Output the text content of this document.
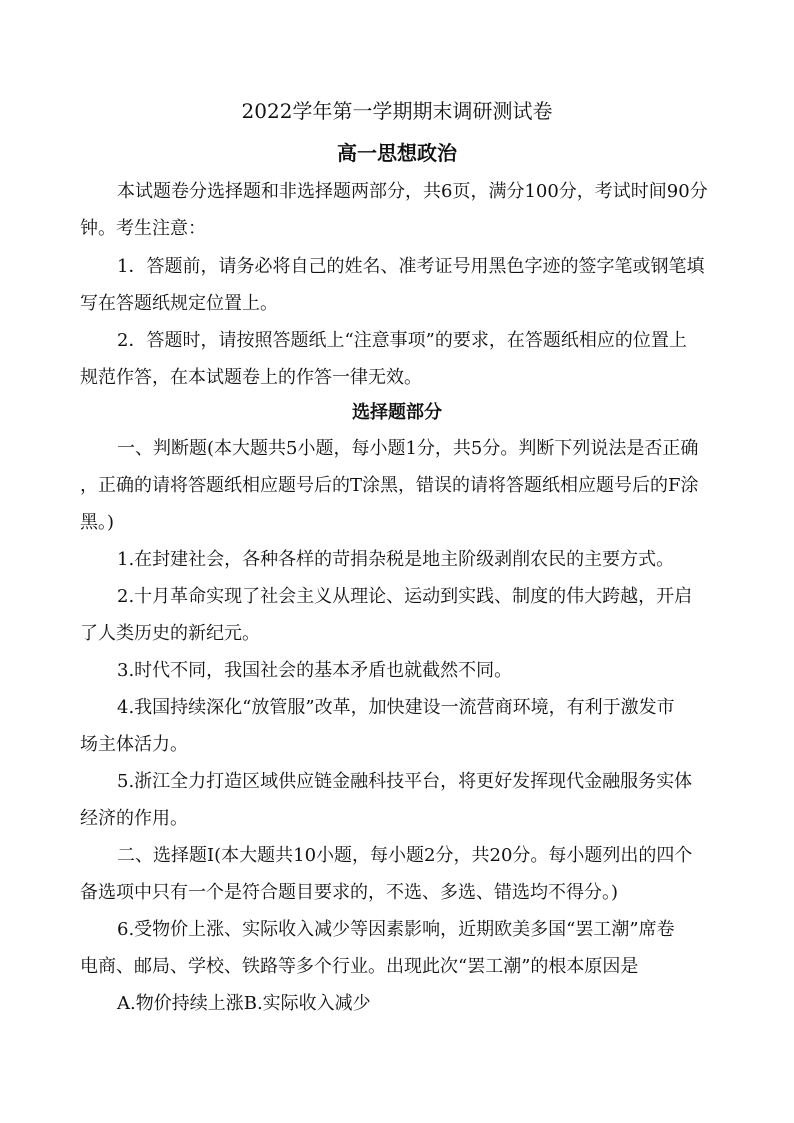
2022学年第一学期期末调研测试卷
高一思想政治
本试题卷分选择题和非选择题两部分，共6页，满分100分，考试时间90分
钟。考生注意：
1．答题前，请务必将自己的姓名、准考证号用黑色字迹的签字笔或钢笔填
写在答题纸规定位置上。
2．答题时，请按照答题纸上“注意事项”的要求，在答题纸相应的位置上
规范作答，在本试题卷上的作答一律无效。
选择题部分
一、判断题(本大题共5小题，每小题1分，共5分。判断下列说法是否正确
，正确的请将答题纸相应题号后的T涂黑，错误的请将答题纸相应题号后的F涂
黑。)
1.在封建社会，各种各样的苛捐杂税是地主阶级剥削农民的主要方式。
2.十月革命实现了社会主义从理论、运动到实践、制度的伟大跨越，开启
了人类历史的新纪元。
3.时代不同，我国社会的基本矛盾也就截然不同。
4.我国持续深化“放管服”改革，加快建设一流营商环境，有利于激发市
场主体活力。
5.浙江全力打造区域供应链金融科技平台，将更好发挥现代金融服务实体
经济的作用。
二、选择题Ⅰ(本大题共10小题，每小题2分，共20分。每小题列出的四个
备选项中只有一个是符合题目要求的，不选、多选、错选均不得分。)
6.受物价上涨、实际收入减少等因素影响，近期欧美多国“罢工潮”席卷
电商、邮局、学校、铁路等多个行业。出现此次“罢工潮”的根本原因是
A.物价持续上涨B.实际收入减少
